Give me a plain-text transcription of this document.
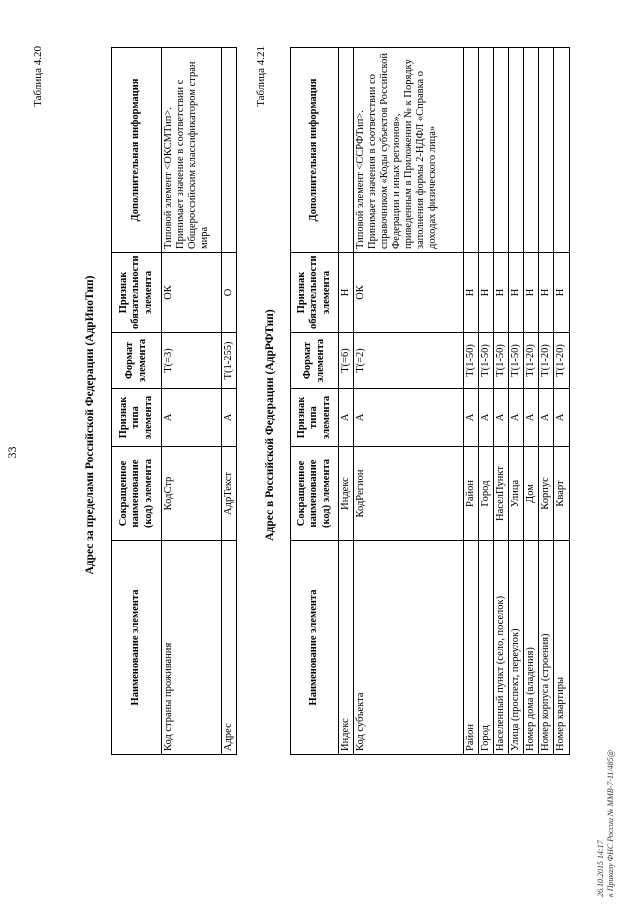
33
Таблица 4.20
Адрес за пределами Российской Федерации (АдрИноТип)
Наименование элемента	Сокращенное наименование (код) элемента	Признак типа элемента	Формат элемента	Признак обязательности элемента	Дополнительная информация
Код страны проживания	КодСтр	А	T(=3)	ОК	Типовой элемент <ОКСМТип>.
Принимает значение в соответствии с Общероссийским классификатором стран мира
Адрес	АдрТекст	А	T(1-255)	О	
Таблица 4.21
Адрес в Российской Федерации (АдрРФТип)
Наименование элемента	Сокращенное наименование (код) элемента	Признак типа элемента	Формат элемента	Признак обязательности элемента	Дополнительная информация
Индекс	Индекс	А	T(=6)	Н	
Код субъекта	КодРегион	А	T(=2)	ОК	Типовой элемент <ССРФТип>.
Принимает значения в соответствии со справочником «Коды субъектов Российской Федерации и иных регионов», приведенным в Приложении № к Порядку заполнения формы 2-НДФЛ «Справка о доходах физического лица»
Район	Район	А	T(1-50)	Н	
Город	Город	А	T(1-50)	Н	
Населенный пункт (село, поселок)	НаселПункт	А	T(1-50)	Н	
Улица (проспект, переулок)	Улица	А	T(1-50)	Н	
Номер дома (владения)	Дом	А	T(1-20)	Н	
Номер корпуса (строения)	Корпус	А	T(1-20)	Н	
Номер квартиры	Кварт	А	T(1-20)	Н	
26.10.2015 14:17 к Приказу ФНС России № ММВ-7-11/485@
